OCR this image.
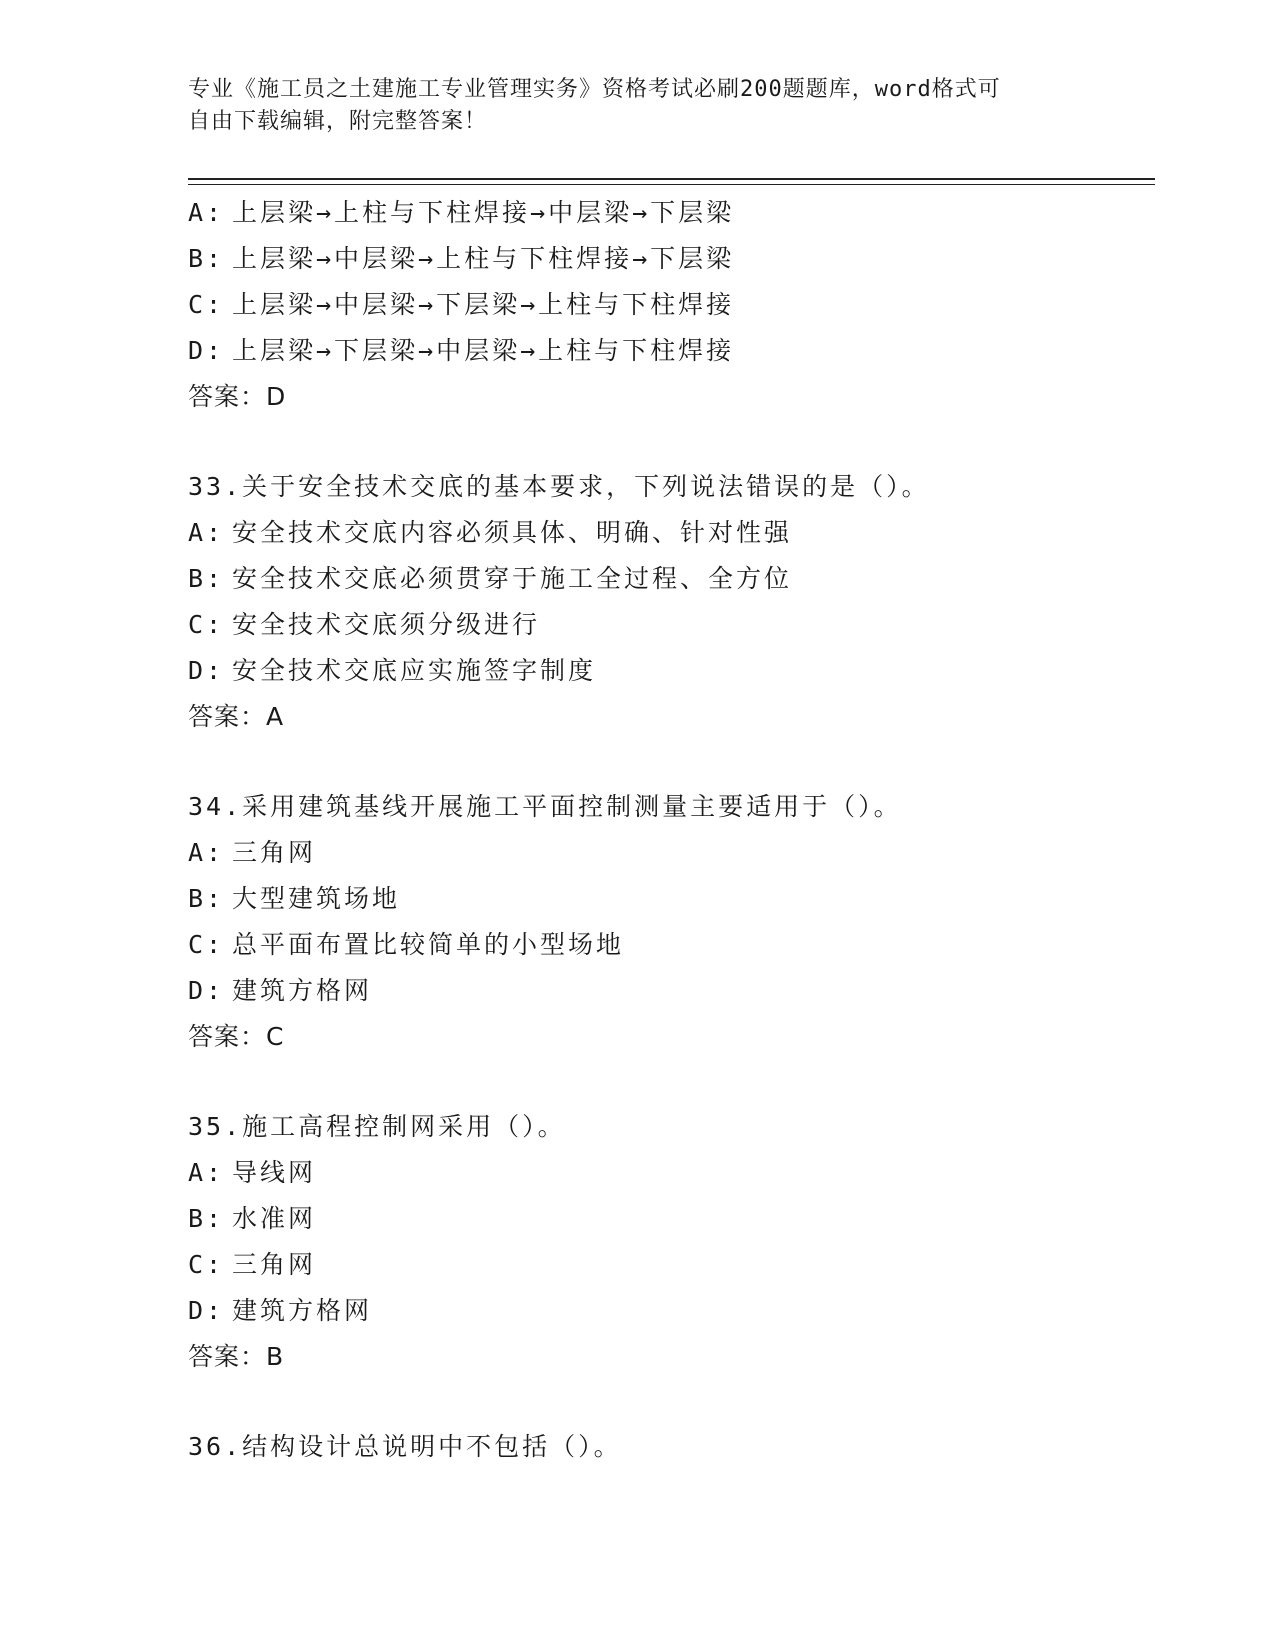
专业《施工员之土建施工专业管理实务》资格考试必刷200题题库，word格式可
自由下载编辑，附完整答案！
A: 上层梁→上柱与下柱焊接→中层梁→下层梁
B: 上层梁→中层梁→上柱与下柱焊接→下层梁
C: 上层梁→中层梁→下层梁→上柱与下柱焊接
D: 上层梁→下层梁→中层梁→上柱与下柱焊接
答案：D
33.关于安全技术交底的基本要求，下列说法错误的是（）。
A: 安全技术交底内容必须具体、明确、针对性强
B: 安全技术交底必须贯穿于施工全过程、全方位
C: 安全技术交底须分级进行
D: 安全技术交底应实施签字制度
答案：A
34.采用建筑基线开展施工平面控制测量主要适用于（）。
A: 三角网
B: 大型建筑场地
C: 总平面布置比较简单的小型场地
D: 建筑方格网
答案：C
35.施工高程控制网采用（）。
A: 导线网
B: 水准网
C: 三角网
D: 建筑方格网
答案：B
36.结构设计总说明中不包括（）。
